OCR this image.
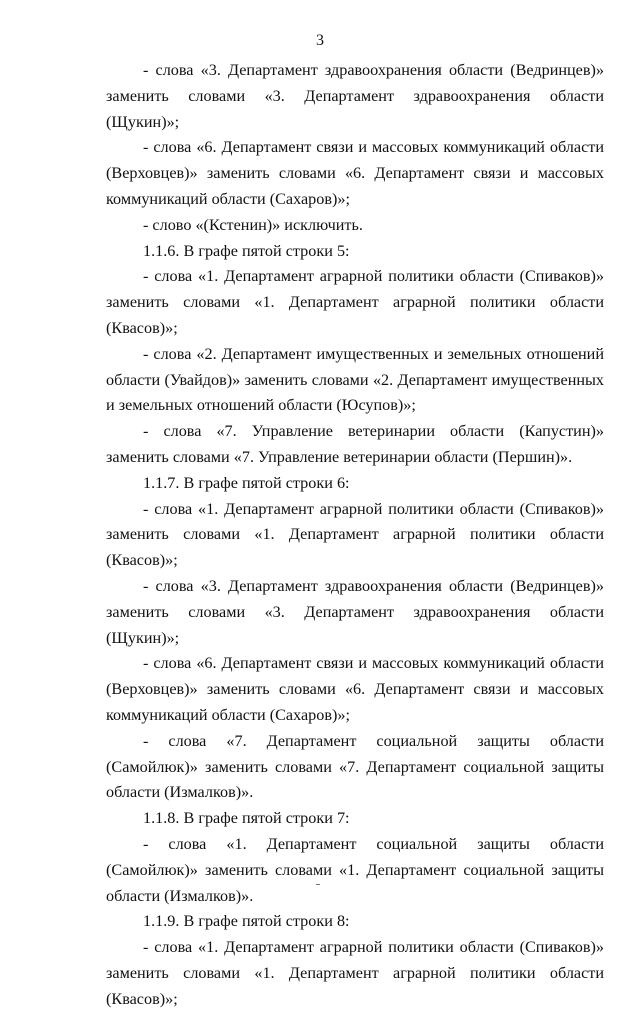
3

- слова «3. Департамент здравоохранения области (Ведринцев)» заменить словами «3. Департамент здравоохранения области (Щукин)»;

- слова «6. Департамент связи и массовых коммуникаций области (Верховцев)» заменить словами «6. Департамент связи и массовых коммуникаций области (Сахаров)»;

- слово «(Кстенин)» исключить.

1.1.6. В графе пятой строки 5:

- слова «1. Департамент аграрной политики области (Спиваков)» заменить словами «1. Департамент аграрной политики области (Квасов)»;

- слова «2. Департамент имущественных и земельных отношений области (Увайдов)» заменить словами «2. Департамент имущественных и земельных отношений области (Юсупов)»;

- слова «7. Управление ветеринарии области (Капустин)» заменить словами «7. Управление ветеринарии области (Першин)».

1.1.7. В графе пятой строки 6:

- слова «1. Департамент аграрной политики области (Спиваков)» заменить словами «1. Департамент аграрной политики области (Квасов)»;

- слова «3. Департамент здравоохранения области (Ведринцев)» заменить словами «3. Департамент здравоохранения области (Щукин)»;

- слова «6. Департамент связи и массовых коммуникаций области (Верховцев)» заменить словами «6. Департамент связи и массовых коммуникаций области (Сахаров)»;

- слова «7. Департамент социальной защиты области (Самойлюк)» заменить словами «7. Департамент социальной защиты области (Измалков)».

1.1.8. В графе пятой строки 7:

- слова «1. Департамент социальной защиты области (Самойлюк)» заменить словами «1. Департамент социальной защиты области (Измалков)».

1.1.9. В графе пятой строки 8:

- слова «1. Департамент аграрной политики области (Спиваков)» заменить словами «1. Департамент аграрной политики области (Квасов)»;
